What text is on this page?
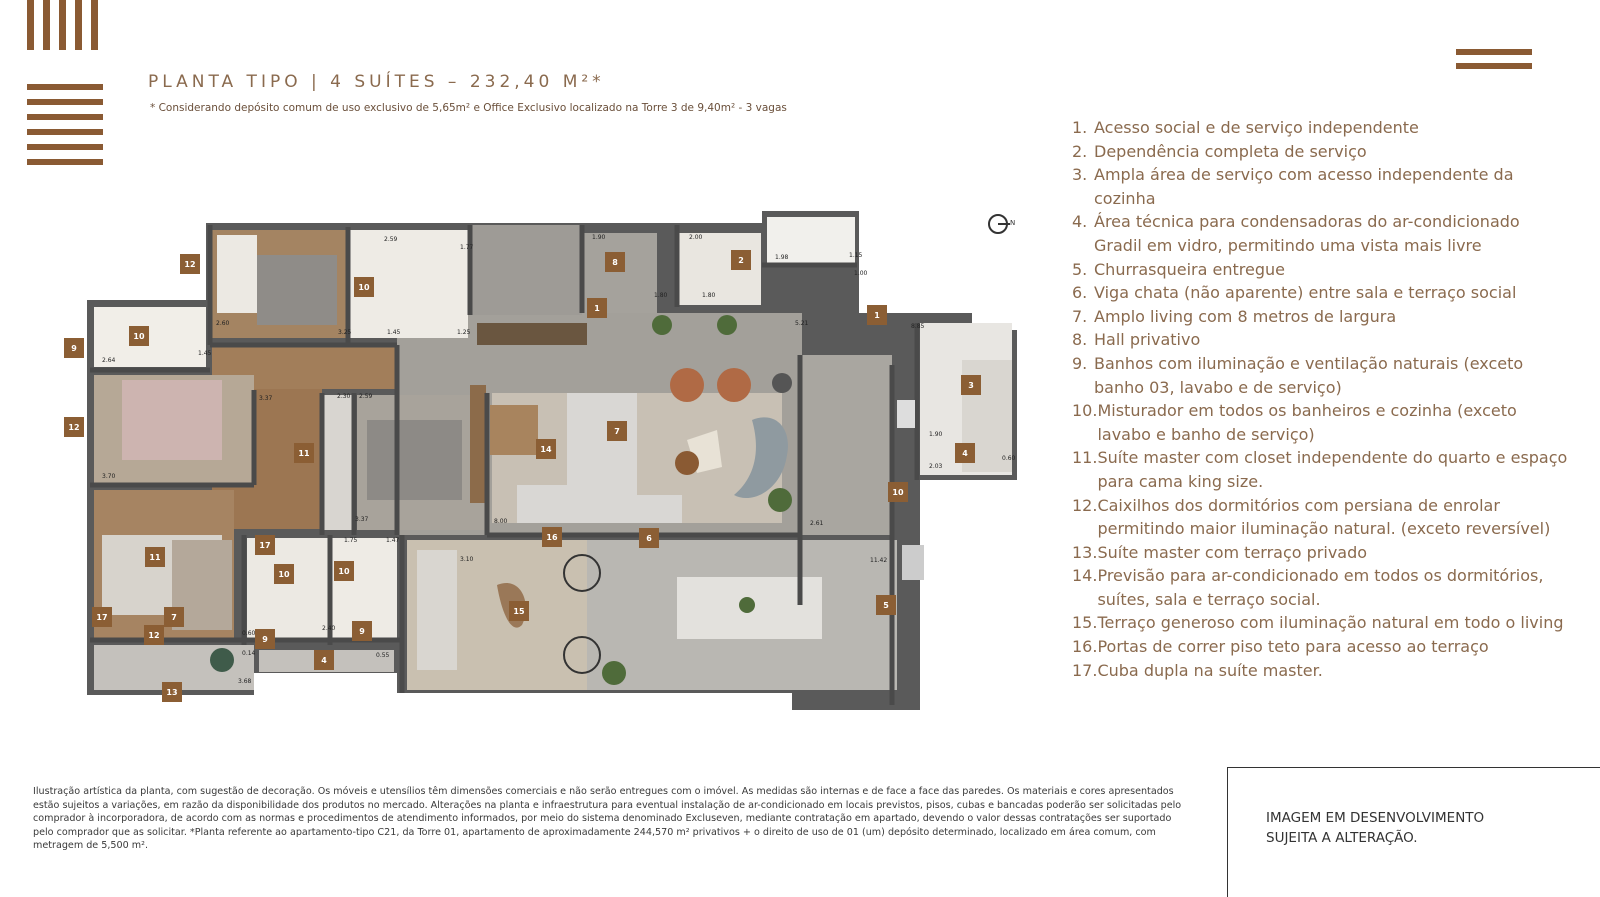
PLANTA TIPO | 4 SUÍTES – 232,40 M²*
* Considerando depósito comum de uso exclusivo de 5,65m² e Office Exclusivo localizado na Torre 3 de 9,40m² - 3 vagas
12
10
8	2
1
1
9
10
3
12
14
7
11	4
10
16	6
17
11
10	10
15
5
17	7
12	9
9
4
13
2.59
1.77
1.90	2.00
1.15
1.98
1.80
1.80
1.00
5.21	8.85
2.60
3.25	1.45	1.25
1.45
2.64
3.37	2.30 2.59
3.70
3.37	8.00
1.90
2.03
0.60
2.61
1.75	1.47
3.10	11.42
2.40
0.55
0.60
0.14
3.68
N
1. Acesso social e de serviço independente
2. Dependência completa de serviço
3. Ampla área de serviço com acesso independente da cozinha
4. Área técnica para condensadoras do ar-condicionado Gradil em vidro, permitindo uma vista mais livre
5. Churrasqueira entregue
6. Viga chata (não aparente) entre sala e terraço social
7. Amplo living com 8 metros de largura
8. Hall privativo
9. Banhos com iluminação e ventilação naturais (exceto banho 03, lavabo e de serviço)
10. Misturador em todos os banheiros e cozinha (exceto lavabo e banho de serviço)
11. Suíte master com closet independente do quarto e espaço para cama king size.
12. Caixilhos dos dormitórios com persiana de enrolar permitindo maior iluminação natural. (exceto reversível)
13. Suíte master com terraço privado
14. Previsão para ar-condicionado em todos os dormitórios, suítes, sala e terraço social.
15. Terraço generoso com iluminação natural em todo o living
16. Portas de correr piso teto para acesso ao terraço
17. Cuba dupla na suíte master.
Ilustração artística da planta, com sugestão de decoração. Os móveis e utensílios têm dimensões comerciais e não serão entregues com o imóvel. As medidas são internas e de face a face das paredes. Os materiais e cores apresentados estão sujeitos a variações, em razão da disponibilidade dos produtos no mercado. Alterações na planta e infraestrutura para eventual instalação de ar-condicionado em locais previstos, pisos, cubas e bancadas poderão ser solicitadas pelo comprador à incorporadora, de acordo com as normas e procedimentos de atendimento informados, por meio do sistema denominado Excluseven, mediante contratação em apartado, devendo o valor dessas contratações ser suportado pelo comprador que as solicitar. *Planta referente ao apartamento-tipo C21, da Torre 01, apartamento de aproximadamente 244,570 m² privativos + o direito de uso de 01 (um) depósito determinado, localizado em área comum, com metragem de 5,500 m².
IMAGEM EM DESENVOLVIMENTO
SUJEITA A ALTERAÇÃO.
